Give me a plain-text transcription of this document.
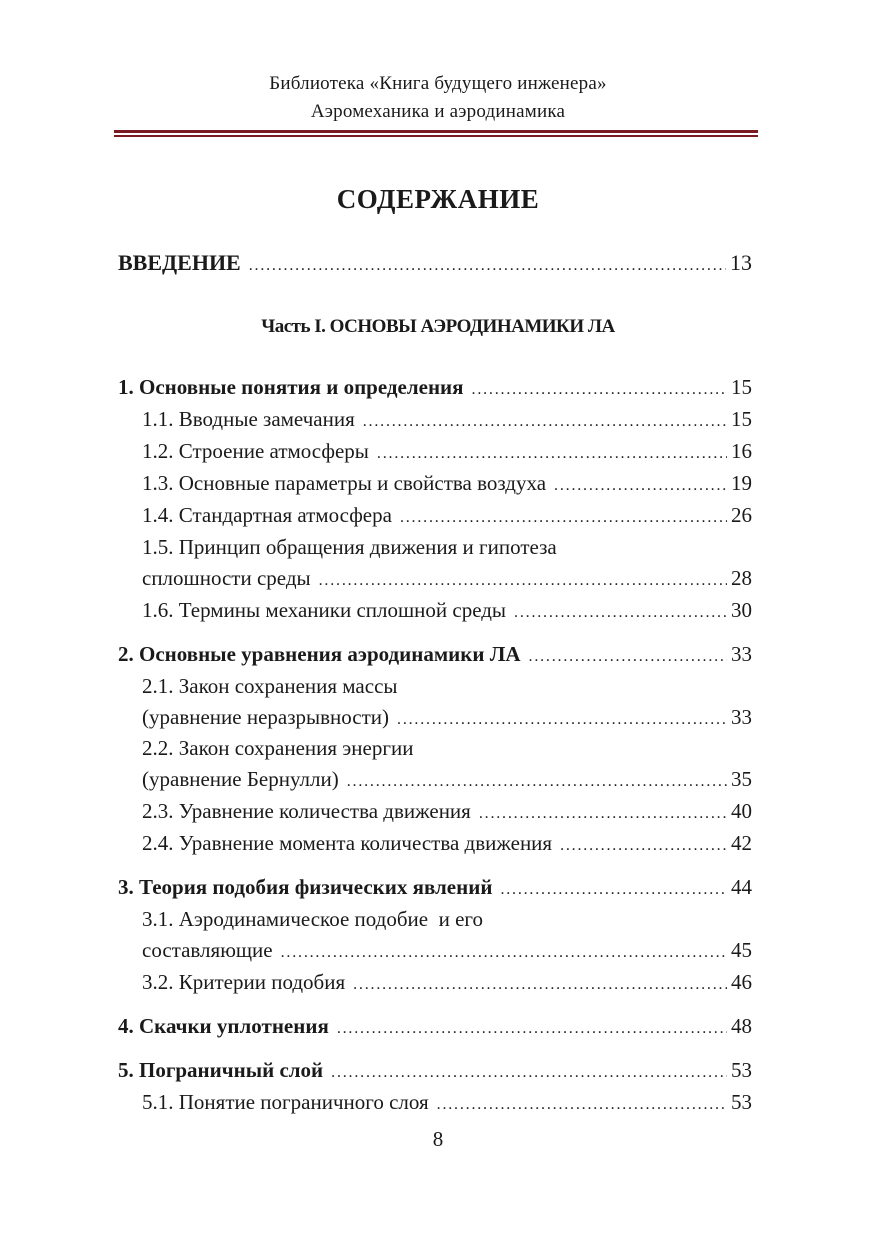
Библиотека «Книга будущего инженера»
Аэромеханика и аэродинамика
СОДЕРЖАНИЕ
ВВЕДЕНИЕ .....	13
Часть I. ОСНОВЫ АЭРОДИНАМИКИ ЛА
1. Основные понятия и определения .....	15
1.1. Вводные замечания .....	15
1.2. Строение атмосферы .....	16
1.3. Основные параметры и свойства воздуха .....	19
1.4. Стандартная атмосфера .....	26
1.5. Принцип обращения движения и гипотеза
сплошности среды .....	28
1.6. Термины механики сплошной среды .....	30
2. Основные уравнения аэродинамики ЛА .....	33
2.1. Закон сохранения массы
(уравнение неразрывности) .....	33
2.2. Закон сохранения энергии
(уравнение Бернулли) .....	35
2.3. Уравнение количества движения .....	40
2.4. Уравнение момента количества движения .....	42
3. Теория подобия физических явлений .....	44
3.1. Аэродинамическое подобие  и его
составляющие .....	45
3.2. Критерии подобия .....	46
4. Скачки уплотнения .....	48
5. Пограничный слой .....	53
5.1. Понятие пограничного слоя .....	53
8
